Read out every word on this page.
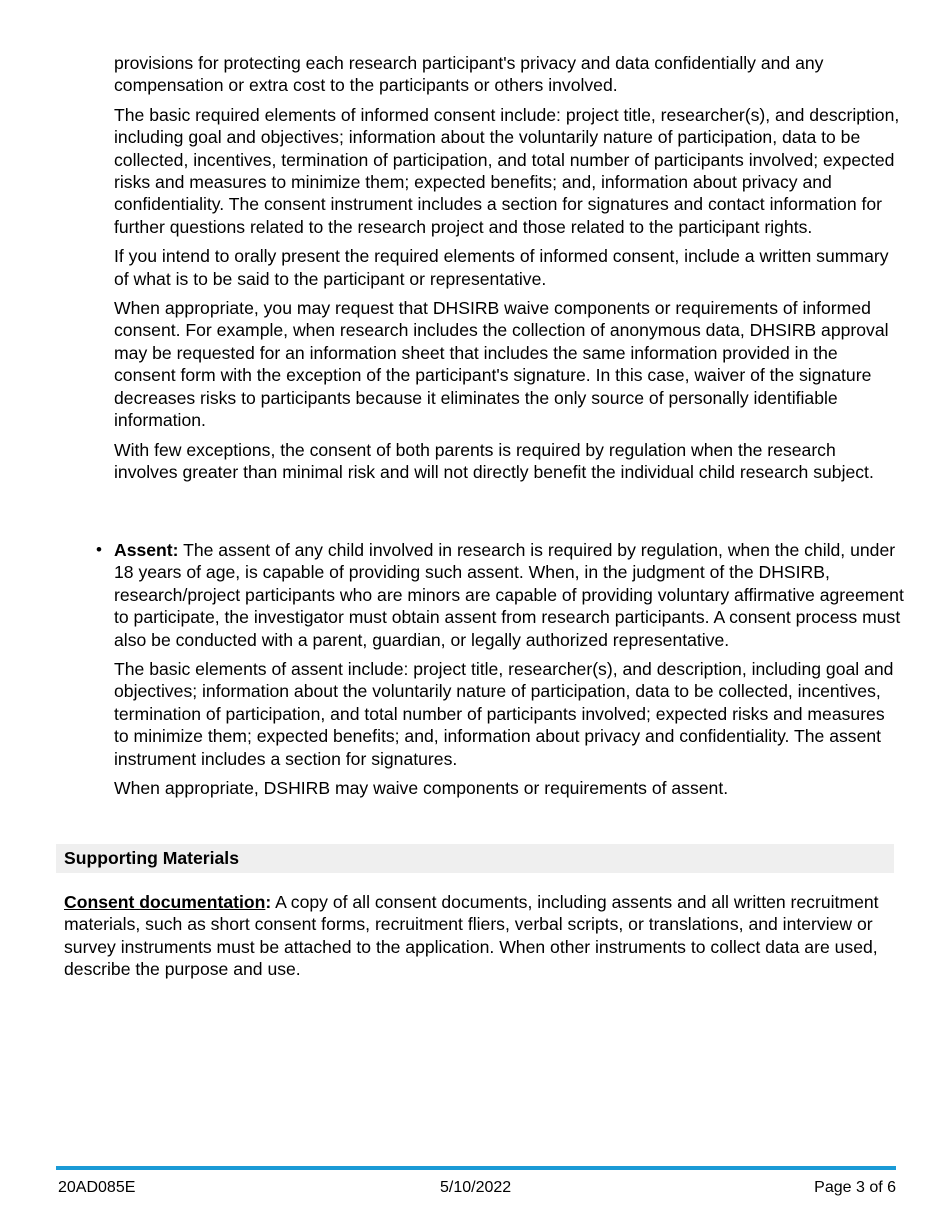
provisions for protecting each research participant's privacy and data confidentially and any compensation or extra cost to the participants or others involved.

The basic required elements of informed consent include: project title, researcher(s), and description, including goal and objectives; information about the voluntarily nature of participation, data to be collected, incentives, termination of participation, and total number of participants involved; expected risks and measures to minimize them; expected benefits; and, information about privacy and confidentiality. The consent instrument includes a section for signatures and contact information for further questions related to the research project and those related to the participant rights.

If you intend to orally present the required elements of informed consent, include a written summary of what is to be said to the participant or representative.

When appropriate, you may request that DHSIRB waive components or requirements of informed consent. For example, when research includes the collection of anonymous data, DHSIRB approval may be requested for an information sheet that includes the same information provided in the consent form with the exception of the participant's signature. In this case, waiver of the signature decreases risks to participants because it eliminates the only source of personally identifiable information.

With few exceptions, the consent of both parents is required by regulation when the research involves greater than minimal risk and will not directly benefit the individual child research subject.

• Assent: The assent of any child involved in research is required by regulation, when the child, under 18 years of age, is capable of providing such assent. When, in the judgment of the DHSIRB, research/project participants who are minors are capable of providing voluntary affirmative agreement to participate, the investigator must obtain assent from research participants. A consent process must also be conducted with a parent, guardian, or legally authorized representative.

The basic elements of assent include: project title, researcher(s), and description, including goal and objectives; information about the voluntarily nature of participation, data to be collected, incentives, termination of participation, and total number of participants involved; expected risks and measures to minimize them; expected benefits; and, information about privacy and confidentiality. The assent instrument includes a section for signatures.

When appropriate, DSHIRB may waive components or requirements of assent.

Supporting Materials

Consent documentation: A copy of all consent documents, including assents and all written recruitment materials, such as short consent forms, recruitment fliers, verbal scripts, or translations, and interview or survey instruments must be attached to the application. When other instruments to collect data are used, describe the purpose and use.

20AD085E	5/10/2022	Page 3 of 6
